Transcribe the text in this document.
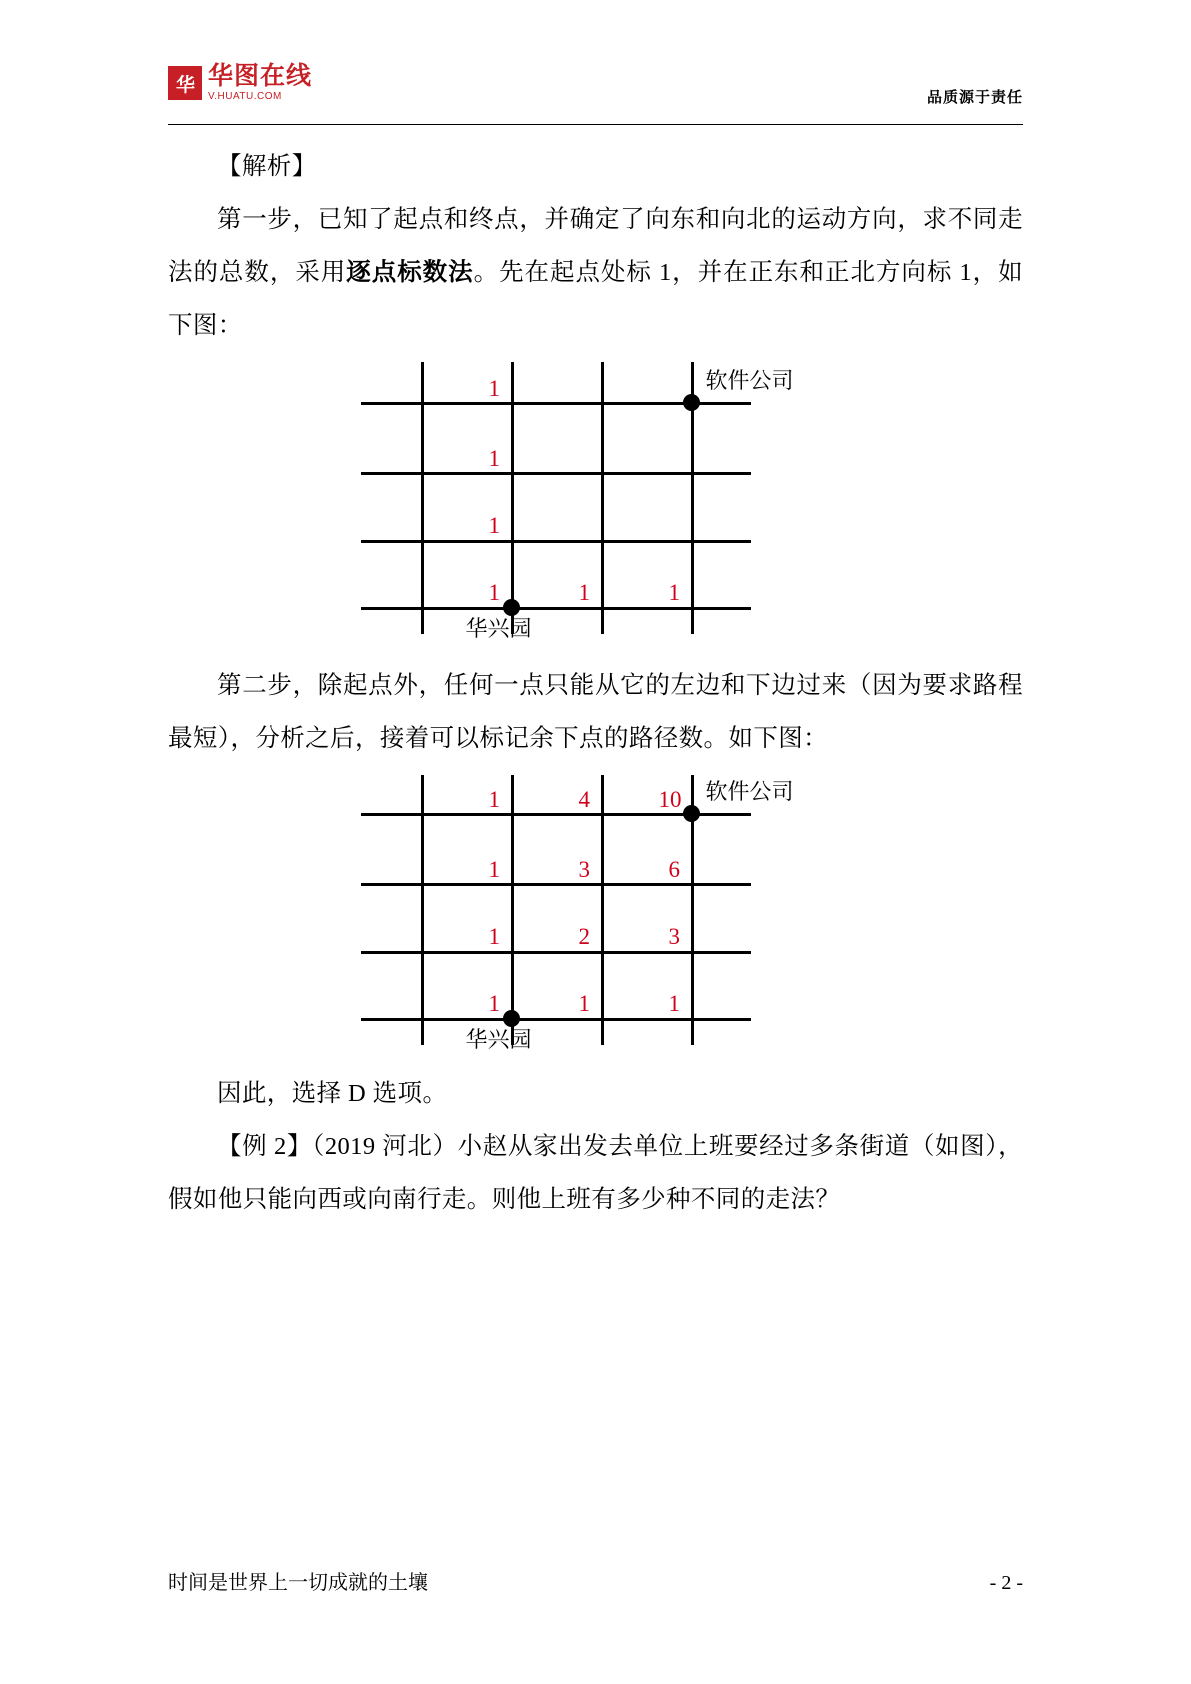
华 华图在线
V.HUATU.COM	品质源于责任

【解析】

第一步，已知了起点和终点，并确定了向东和向北的运动方向，求不同走法的总数，采用逐点标数法。先在起点处标 1，并在正东和正北方向标 1，如下图：

1
1
1
1	1	1
软件公司
华兴园

第二步，除起点外，任何一点只能从它的左边和下边过来（因为要求路程最短），分析之后，接着可以标记余下点的路径数。如下图：

1	4	10
1	3	6
1	2	3
1	1	1
软件公司
华兴园

因此，选择 D 选项。

【例 2】（2019 河北）小赵从家出发去单位上班要经过多条街道（如图），假如他只能向西或向南行走。则他上班有多少种不同的走法？

时间是世界上一切成就的土壤	- 2 -
